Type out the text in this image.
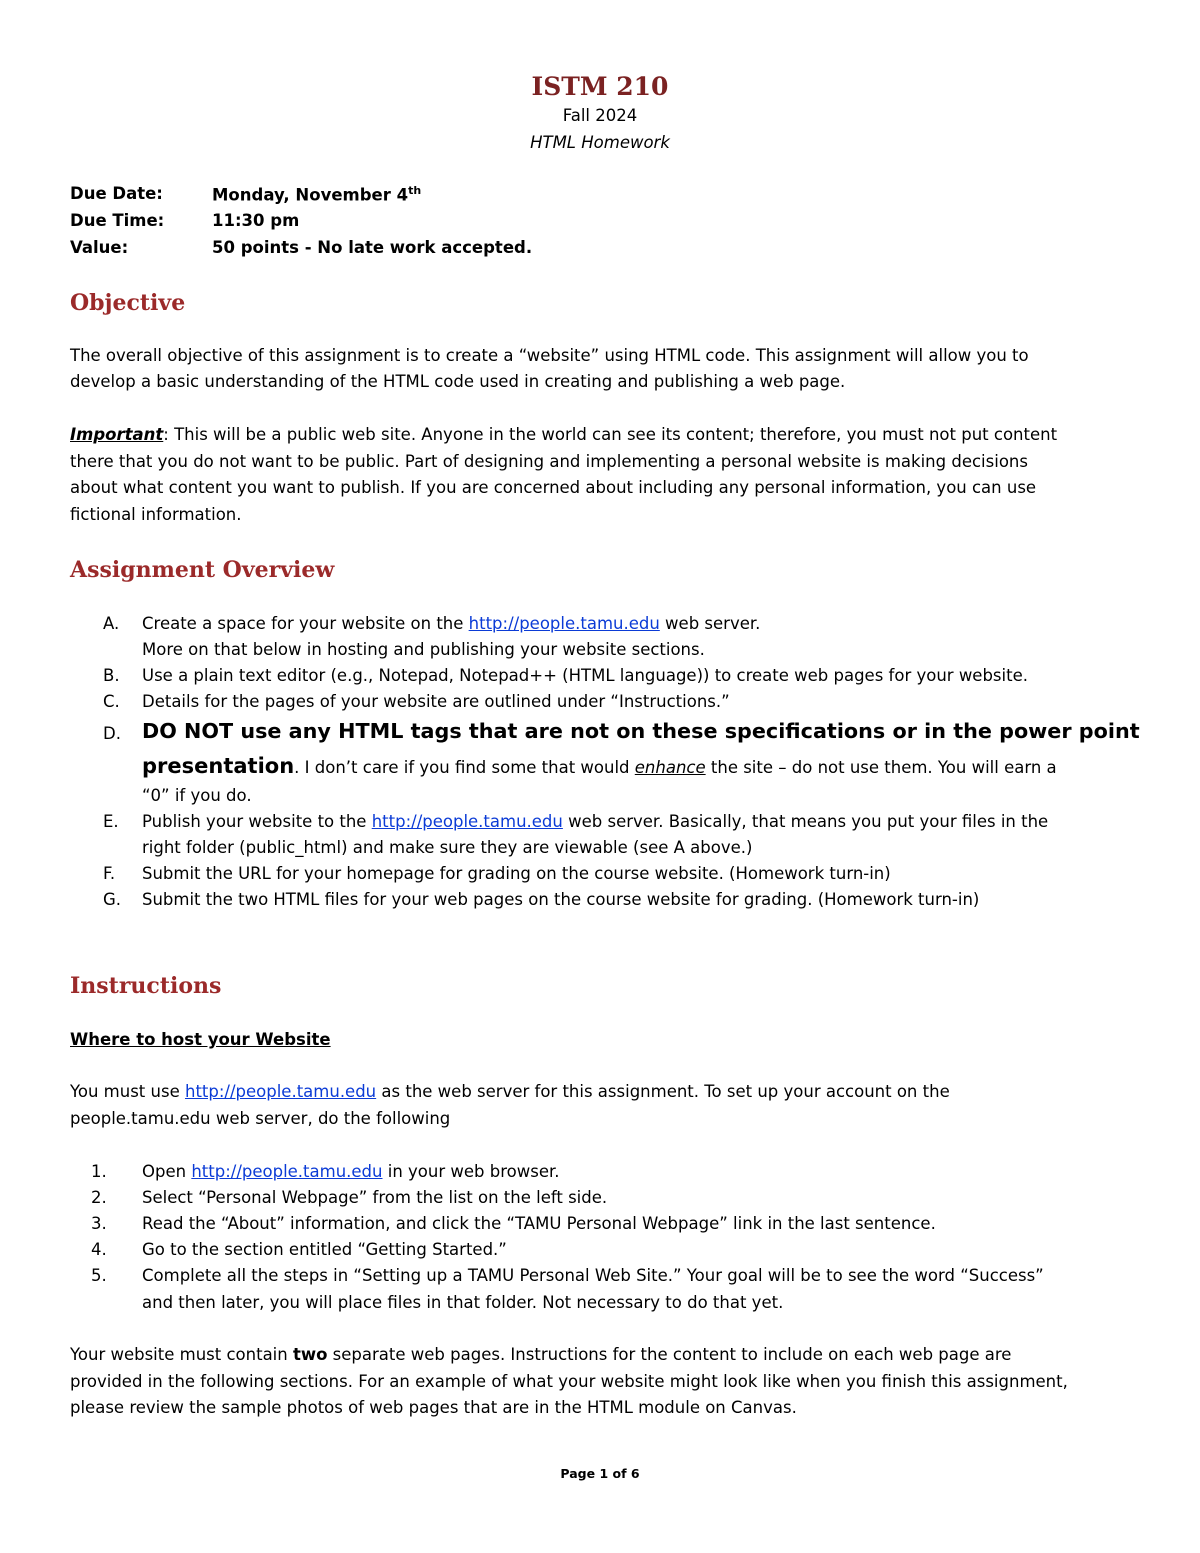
ISTM 210
Fall 2024
HTML Homework
Due Date:	Monday, November 4th
Due Time:	11:30 pm
Value:	50 points - No late work accepted.
Objective
The overall objective of this assignment is to create a “website” using HTML code. This assignment will allow you to
develop a basic understanding of the HTML code used in creating and publishing a web page.
Important: This will be a public web site. Anyone in the world can see its content; therefore, you must not put content
there that you do not want to be public. Part of designing and implementing a personal website is making decisions
about what content you want to publish. If you are concerned about including any personal information, you can use
fictional information.
Assignment Overview
A. Create a space for your website on the http://people.tamu.edu web server.
More on that below in hosting and publishing your website sections.
B. Use a plain text editor (e.g., Notepad, Notepad++ (HTML language)) to create web pages for your website.
C. Details for the pages of your website are outlined under “Instructions.”
D. DO NOT use any HTML tags that are not on these specifications or in the power point
presentation. I don’t care if you find some that would enhance the site – do not use them. You will earn a
“0” if you do.
E. Publish your website to the http://people.tamu.edu web server. Basically, that means you put your files in the
right folder (public_html) and make sure they are viewable (see A above.)
F. Submit the URL for your homepage for grading on the course website. (Homework turn-in)
G. Submit the two HTML files for your web pages on the course website for grading. (Homework turn-in)
Instructions
Where to host your Website
You must use http://people.tamu.edu as the web server for this assignment. To set up your account on the
people.tamu.edu web server, do the following
1. Open http://people.tamu.edu in your web browser.
2. Select “Personal Webpage” from the list on the left side.
3. Read the “About” information, and click the “TAMU Personal Webpage” link in the last sentence.
4. Go to the section entitled “Getting Started.”
5. Complete all the steps in “Setting up a TAMU Personal Web Site.” Your goal will be to see the word “Success”
and then later, you will place files in that folder. Not necessary to do that yet.
Your website must contain two separate web pages. Instructions for the content to include on each web page are
provided in the following sections. For an example of what your website might look like when you finish this assignment,
please review the sample photos of web pages that are in the HTML module on Canvas.
Page 1 of 6
